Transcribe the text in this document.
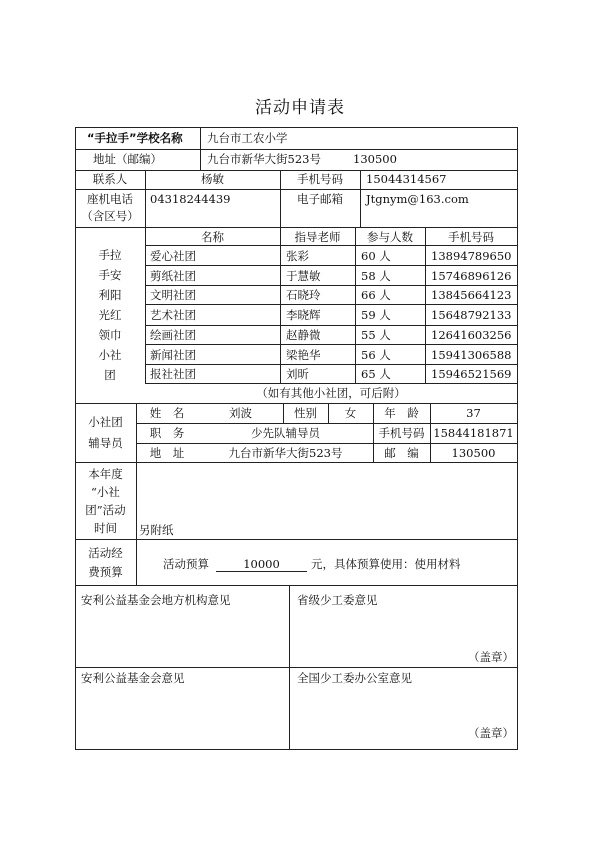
活动申请表
“手拉手”学校名称 九台市工农小学
地址（邮编）	九台市新华大街523号	130500
联系人	杨敏	手机号码	15044314567
座机电话
（含区号）
04318244439	电子邮箱	Jtgnym@163.com
手拉
手安
利阳
光红
领巾
小社
团
名称	指导老师	参与人数	手机号码
爱心社团	张彩	60 人	13894789650
剪纸社团	于慧敏	58 人	15746896126
文明社团	石晓玲	66 人	13845664123
艺术社团	李晓辉	59 人	15648792133
绘画社团	赵静微	55 人	12641603256
新闻社团	梁艳华	56 人	15941306588
报社社团	刘昕	65 人	15946521569
（如有其他小社团，可后附）
小社团
辅导员
姓　名	刘波	性别	女	年　龄	37
职　务	少先队辅导员	手机号码 15844181871
地　址	九台市新华大街523号	邮　编	130500
本年度
“小社
团”活动
时间	另附纸
活动经
费预算
活动预算	10000	元，具体预算使用：使用材料
安利公益基金会地方机构意见	省级少工委意见
（盖章）
安利公益基金会意见	全国少工委办公室意见
（盖章）
